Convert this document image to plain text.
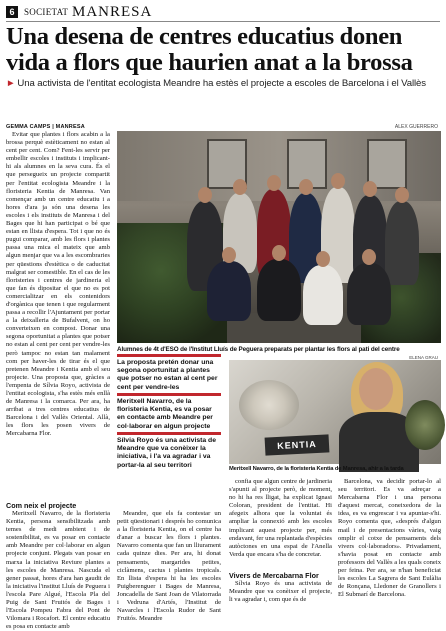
6	SOCIETAT MANRESA
Una desena de centres educatius donen vida a flors que haurien anat a la brossa
► Una activista de l'entitat ecologista Meandre ha estès el projecte a escoles de Barcelona i el Vallès
GEMMA CAMPS | MANRESA	ALEX GUERRERO

Evitar que plantes i flors acabin a la brossa perquè estèticament no estan al cent per cent. Com? Fent-les servir per embellir escoles i instituts i implicant-hi als alumnes en la seva cura. És el que persegueix un projecte compartit per l'entitat ecologista Meandre i la floristeria Kentia de Manresa. Van començar amb un centre educatiu i a hores d'ara ja són una desena les escoles i els instituts de Manresa i del Bages que hi han participat o bé que estan en llista d'espera. Tot i que no és pugui comparar, amb les flors i plantes passa una mica el mateix que amb algun menjar que va a les escombraries per qüestions d'estètica o de caducitat malgrat ser comestible. En el cas de les floristeries i centres de jardineria el que fan és dipositar el que no es pot comercialitzar en els contenidors d'orgànica que tenen i que regularment passa a recollir l'Ajuntament per portar a la deixalleria de Bufalvent, on ho converteixen en compost. Donar una segona oportunitat a plantes que potser no estan al cent per cent per vendre-les però tampoc no estan tan malament com per haver-les de tirar és el que pretenen Meandre i Kentia amb el seu projecte. Una proposta que, gràcies a l'empenta de Sílvia Royo, activista de l'entitat ecologista, s'ha estès més enllà de Manresa i la comarca. Per ara, ha arribat a tres centres educatius de Barcelona i del Vallès Oriental. Allà, les flors les posen vivers de Mercabarna Flor.

Alumnes de 4t d'ESO de l'Institut Lluís de Peguera preparats per plantar les flors al pati del centre
La proposta pretén donar una segona oportunitat a plantes que potser no estan al cent per cent per vendre-les
Meritxell Navarro, de la floristeria Kentia, es va posar en contacte amb Meandre per col·laborar en algun projecte
Sílvia Royo és una activista de Meandre que va conèixer la iniciativa, i l'a va agradar i va portar-la al seu territori
ELENA GRAU
KENTIA
Meritxell Navarro, de la floristeria Kentia de Manresa, ahir a la tarda
Com neix el projecte

Meritxell Navarro, de la floristeria Kentia, persona sensibilitzada amb temes de medi ambient i de sostenibilitat, es va posar en contacte amb Meandre per col·laborar en algun projecte conjunt. Plegats van posar en marxa la iniciativa Reviure plantes a les escoles de Manresa. Nascuda el gener passat, hores d'ara han gaudit de la iniciativa l'institut Lluís de Peguera i l'escola Pare Algué, l'Escola Pla del Puig de Sant Fruitós de Bages i l'Escola Pompeu Fabra del Pont de Vilomara i Rocafort. El centre educatiu es posa en contacte amb

Meandre, que els fa contestar un petit qüestionari i després ho comunica a la floristeria Kentia, on el centre ha d'anar a buscar les flors i plantes. Navarro comenta que fan un lliurament cada quinze dies. Per ara, hi donat pensaments, margarides petites, ciclàmens, cactus i plantes tropicals. En llista d'espera hi ha les escoles Puigberenguer i Bages de Manresa, Joncadella de Sant Joan de Vilatorrada i Vedruna d'Artés, l'Institut de Navarcles i l'Escola Rudor de Sant Fruitós. Meandre

confia que algun centre de jardineria s'apunti al projecte però, de moment, no hi ha res lligat, ha explicat Ignasi Coloran, president de l'entitat. Hi afegeix alhora que la voluntat és ampliar la connexió amb les escoles implicant aquest projecte per, més endavant, fer una replantada d'espècies autòctones en una espai de l'Anella Verda que encara s'ha de concretar.

Vivers de Mercabarna Flor

Sílvia Royo és una activista de Meandre que va conèixer el projecte, li va agradar i, com que és de

Barcelona, va decidir portar-lo al seu territori. Es va adreçar a Mercabarna Flor i una persona d'aquest mercat, coneixedora de la idea, es va engrescar i va apuntar-s'hi. Royo comenta que, «després d'algun mail i de presentacions vàries, vaig omplir el cotxe de pensaments dels vivers col·laboradors». Privadament, s'havia posat en contacte amb professors del Vallès a les quals coneix per feina. Per ara, se n'han beneficiat les escoles La Sagrera de Sant Eulàlia de Ronçana, Lledoner de Granollers i El Submarí de Barcelona.
